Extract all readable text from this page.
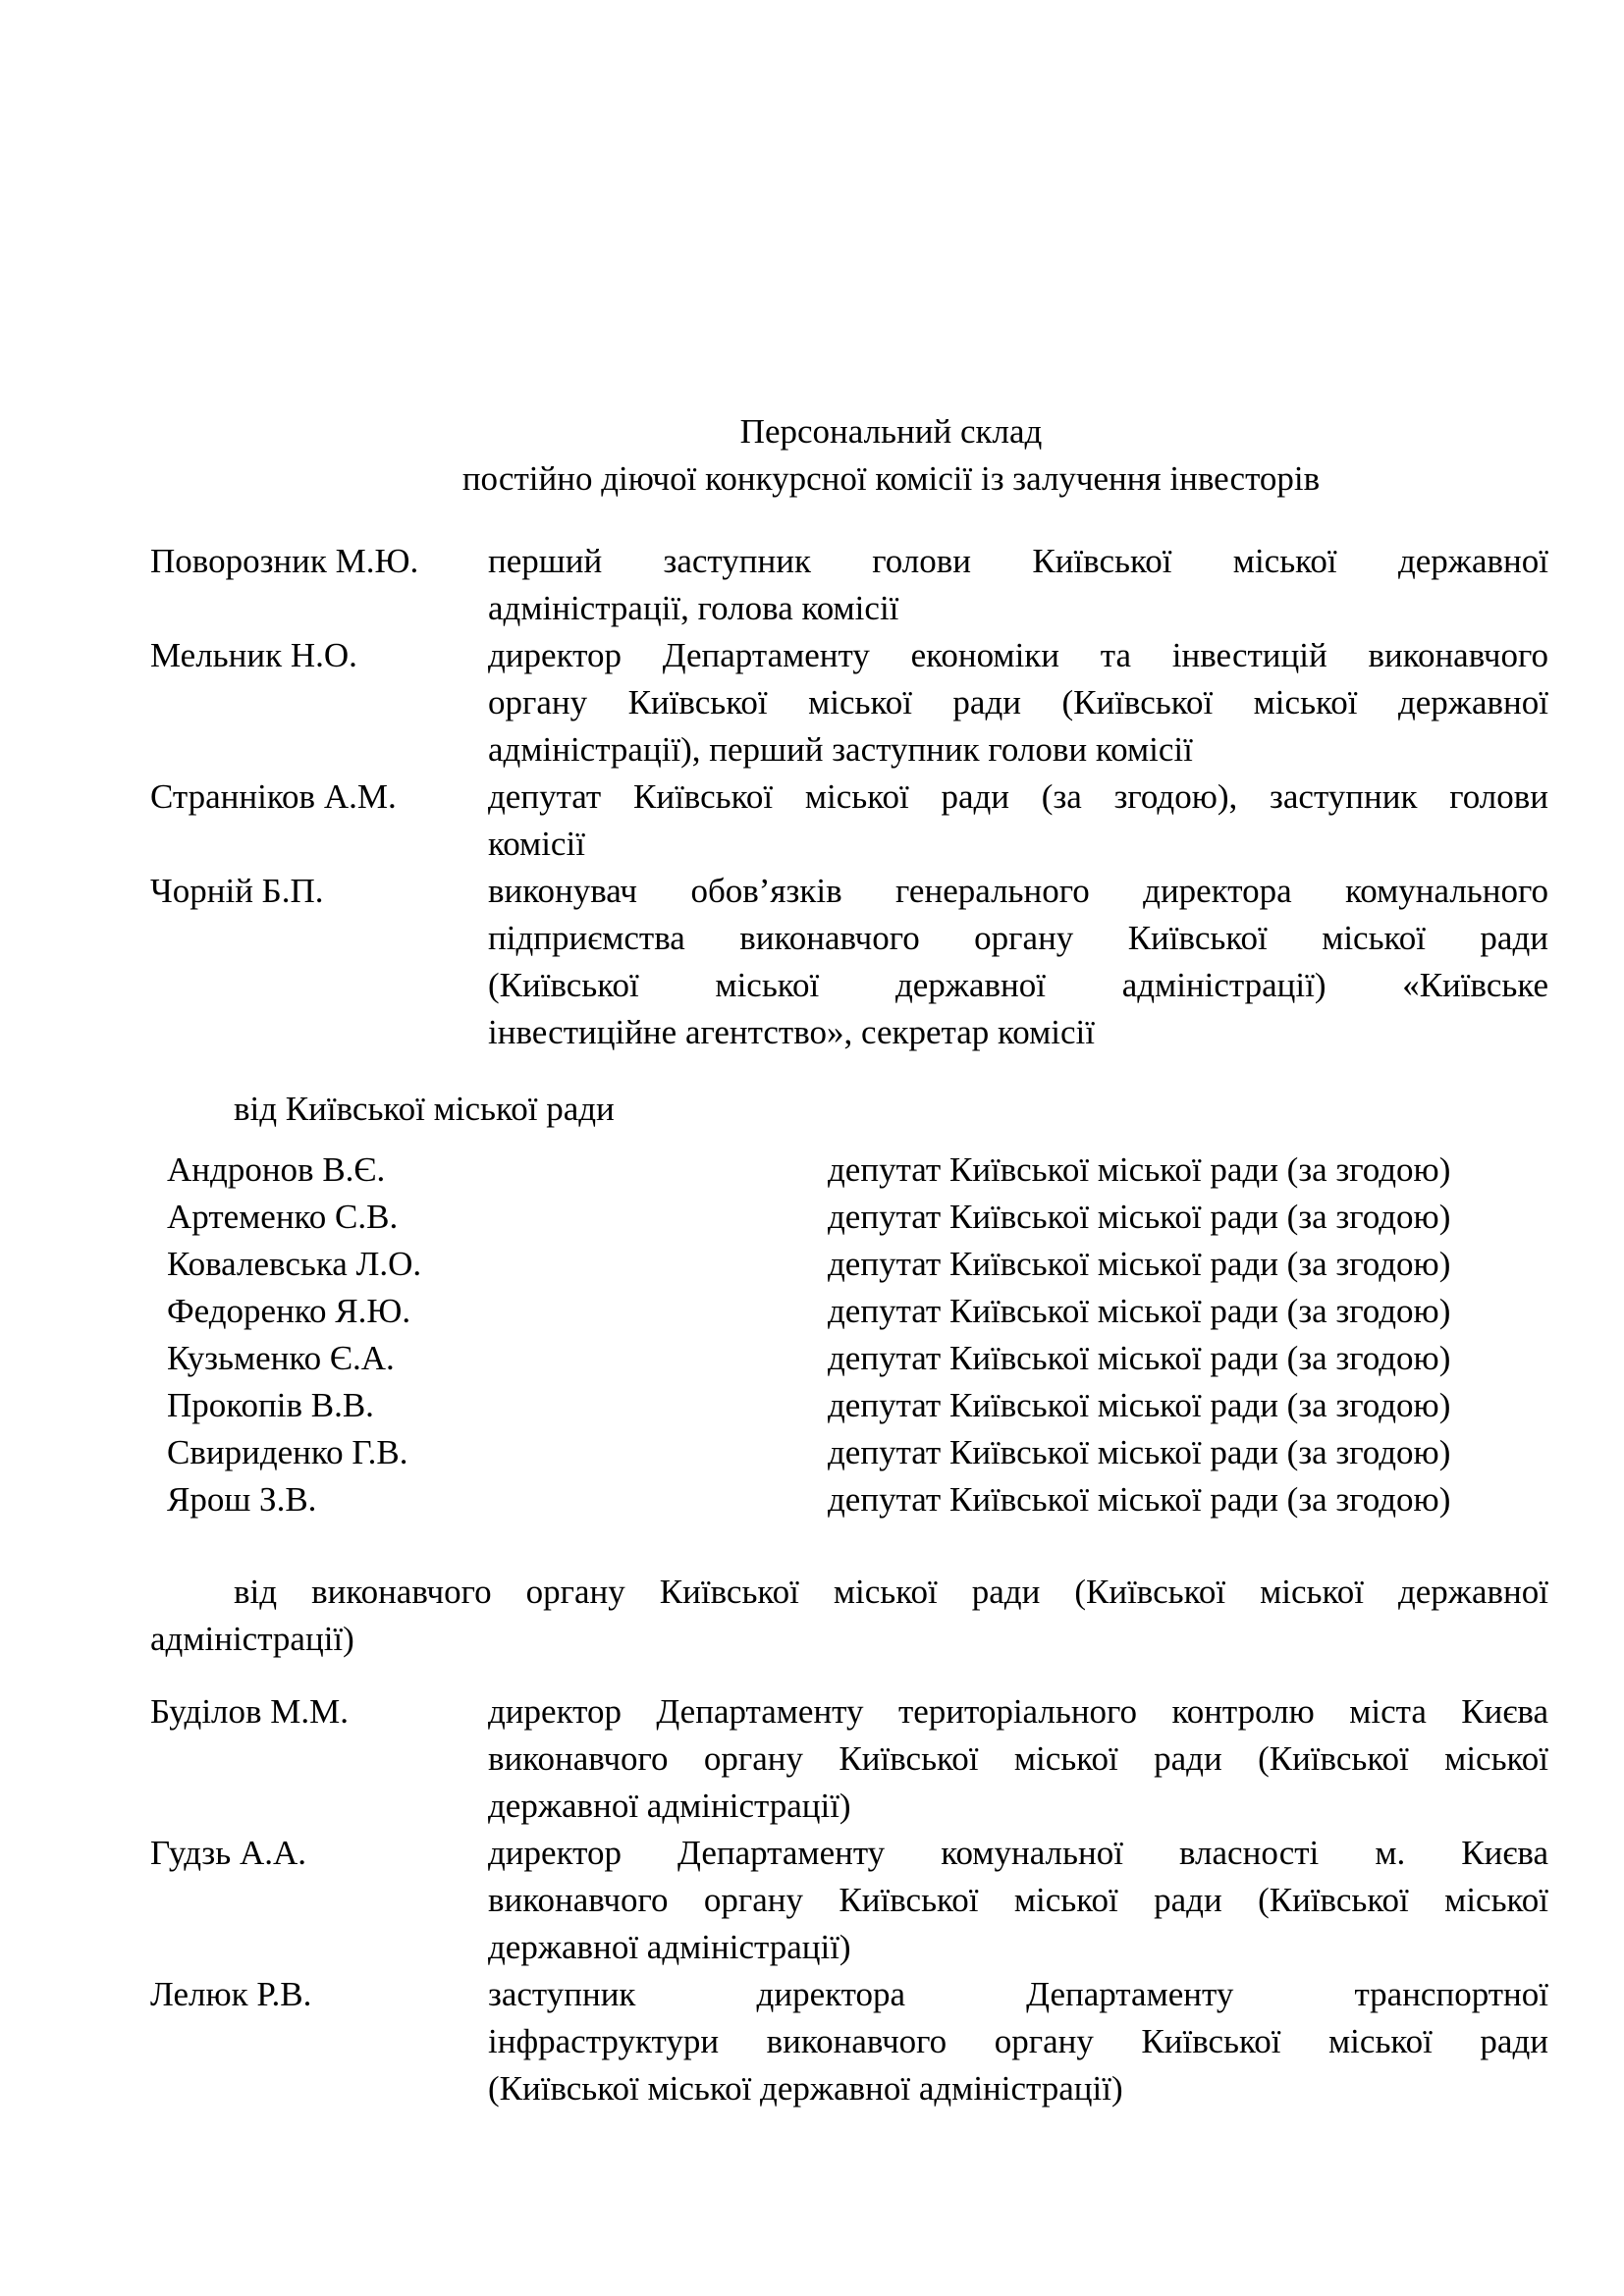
Персональний склад
постійно діючої конкурсної комісії із залучення інвесторів
Поворозник М.Ю.	перший заступник голови Київської міської державної
адміністрації, голова комісії
Мельник Н.О.	директор Департаменту економіки та інвестицій виконавчого
органу Київської міської ради (Київської міської державної
адміністрації), перший заступник голови комісії
Странніков А.М.	депутат Київської міської ради (за згодою), заступник голови
комісії
Чорній Б.П.	виконувач обов’язків генерального директора комунального
підприємства виконавчого органу Київської міської ради
(Київської міської державної адміністрації) «Київське
інвестиційне агентство», секретар комісії
від Київської міської ради
Андронов В.Є.	депутат Київської міської ради (за згодою)
Артеменко С.В.	депутат Київської міської ради (за згодою)
Ковалевська Л.О.	депутат Київської міської ради (за згодою)
Федоренко Я.Ю.	депутат Київської міської ради (за згодою)
Кузьменко Є.А.	депутат Київської міської ради (за згодою)
Прокопів В.В.	депутат Київської міської ради (за згодою)
Свириденко Г.В.	депутат Київської міської ради (за згодою)
Ярош З.В.	депутат Київської міської ради (за згодою)
від виконавчого органу Київської міської ради (Київської міської державної
адміністрації)
Буділов М.М.	директор Департаменту територіального контролю міста Києва
виконавчого органу Київської міської ради (Київської міської
державної адміністрації)
Гудзь А.А.	директор Департаменту комунальної власності м. Києва
виконавчого органу Київської міської ради (Київської міської
державної адміністрації)
Лелюк Р.В.	заступник директора Департаменту транспортної
інфраструктури виконавчого органу Київської міської ради
(Київської міської державної адміністрації)
